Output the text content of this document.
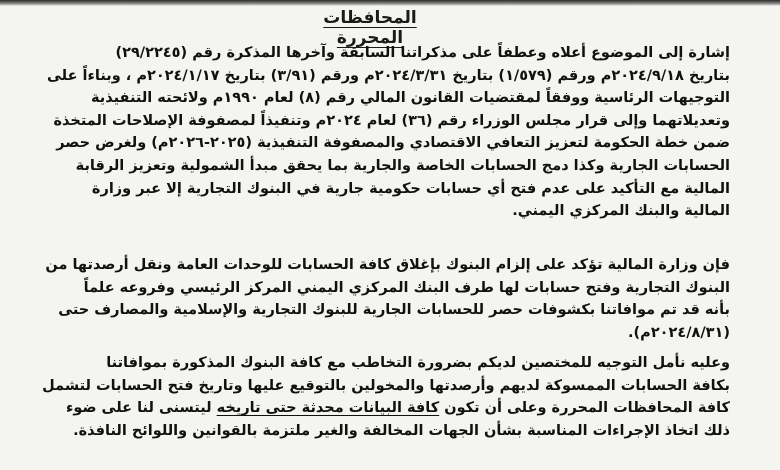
المحافظات المحررة
إشارة إلى الموضوع أعلاه وعطفاً على مذكراتنا السابقة وآخرها المذكرة رقم (٢٩/٢٢٤٥)
بتاريخ ٢٠٢٤/٩/١٨م ورقم (١/٥٧٩) بتاريخ ٢٠٢٤/٣/٣١م ورقم (٣/٩١) بتاريخ ٢٠٢٤/١/١٧م ، وبناءاً على
التوجيهات الرئاسية ووفقاً لمقتضيات القانون المالي رقم (٨) لعام ١٩٩٠م ولائحته التنفيذية
وتعديلاتهما وإلى قرار مجلس الوزراء رقم (٣٦) لعام ٢٠٢٤م وتنفيذاً لمصفوفة الإصلاحات المتخذة
ضمن خطة الحكومة لتعزيز التعافي الاقتصادي والمصفوفة التنفيذية (٢٠٢٥-٢٠٢٦م) ولغرض حصر
الحسابات الجارية وكذا دمج الحسابات الخاصة والجارية بما يحقق مبدأ الشمولية وتعزيز الرقابة
المالية مع التأكيد على عدم فتح أي حسابات حكومية جارية في البنوك التجارية إلا عبر وزارة
المالية والبنك المركزي اليمني.
فإن وزارة المالية تؤكد على إلزام البنوك بإغلاق كافة الحسابات للوحدات العامة ونقل أرصدتها من
البنوك التجارية وفتح حسابات لها طرف البنك المركزي اليمني المركز الرئيسي وفروعه علماً
بأنه قد تم موافاتنا بكشوفات حصر للحسابات الجارية للبنوك التجارية والإسلامية والمصارف حتى
(٢٠٢٤/٨/٣١م).
وعليه نأمل التوجيه للمختصين لديكم بضرورة التخاطب مع كافة البنوك المذكورة بموافاتنا
بكافة الحسابات الممسوكة لديهم وأرصدتها والمخولين بالتوقيع عليها وتاريخ فتح الحسابات لتشمل
كافة المحافظات المحررة وعلى أن تكون كافة البيانات محدثة حتى تاريخه ليتسنى لنا على ضوء
ذلك اتخاذ الإجراءات المناسبة بشأن الجهات المخالفة والغير ملتزمة بالقوانين واللوائح النافذة.
